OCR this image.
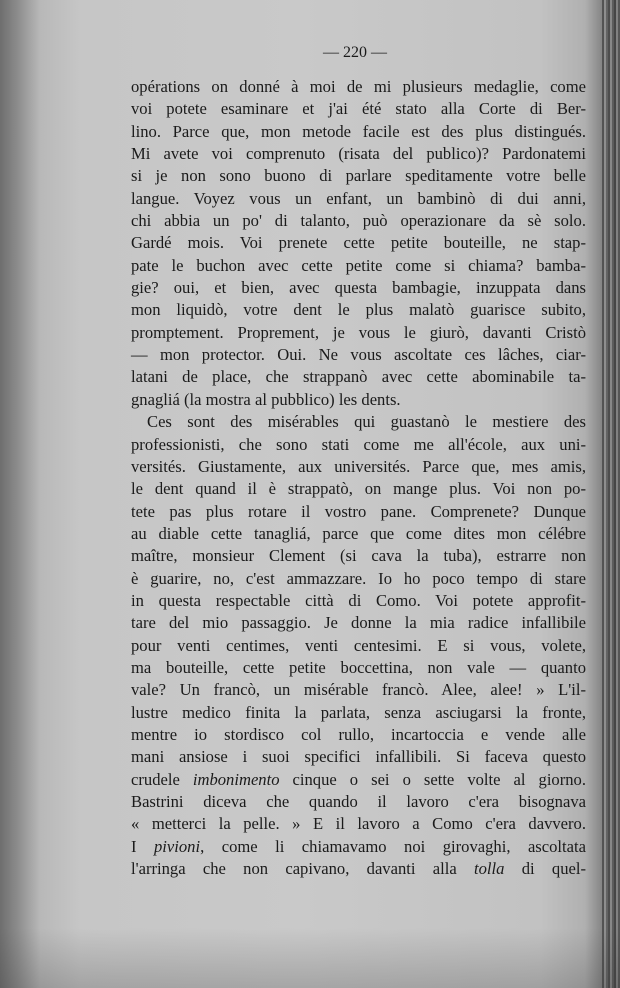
— 220 —
opérations on donné à moi de mi plusieurs medaglie, come
voi potete esaminare et j'ai été stato alla Corte di Ber-
lino. Parce que, mon metode facile est des plus distingués.
Mi avete voi comprenuto (risata del publico)? Pardonatemi
si je non sono buono di parlare speditamente votre belle
langue. Voyez vous un enfant, un bambinò di dui anni,
chi abbia un po' di talanto, può operazionare da sè solo.
Gardé mois. Voi prenete cette petite bouteille, ne stap-
pate le buchon avec cette petite come si chiama? bamba-
gie? oui, et bien, avec questa bambagie, inzuppata dans
mon liquidò, votre dent le plus malatò guarisce subito,
promptement. Proprement, je vous le giurò, davanti Cristò
— mon protector. Oui. Ne vous ascoltate ces lâches, ciar-
latani de place, che strappanò avec cette abominabile ta-
gnagliá (la mostra al pubblico) les dents.
Ces sont des misérables qui guastanò le mestiere des
professionisti, che sono stati come me all'école, aux uni-
versités. Giustamente, aux universités. Parce que, mes amis,
le dent quand il è strappatò, on mange plus. Voi non po-
tete pas plus rotare il vostro pane. Comprenete? Dunque
au diable cette tanagliá, parce que come dites mon célébre
maître, monsieur Clement (si cava la tuba), estrarre non
è guarire, no, c'est ammazzare. Io ho poco tempo di stare
in questa respectable città di Como. Voi potete approfit-
tare del mio passaggio. Je donne la mia radice infallibile
pour venti centimes, venti centesimi. E si vous, volete,
ma bouteille, cette petite boccettina, non vale — quanto
vale? Un francò, un misérable francò. Alee, alee! » L'il-
lustre medico finita la parlata, senza asciugarsi la fronte,
mentre io stordisco col rullo, incartoccia e vende alle
mani ansiose i suoi specifici infallibili. Si faceva questo
crudele imbonimento cinque o sei o sette volte al giorno.
Bastrini diceva che quando il lavoro c'era bisognava
« metterci la pelle. » E il lavoro a Como c'era davvero.
I pivioni, come li chiamavamo noi girovaghi, ascoltata
l'arringa che non capivano, davanti alla tolla di quel-
